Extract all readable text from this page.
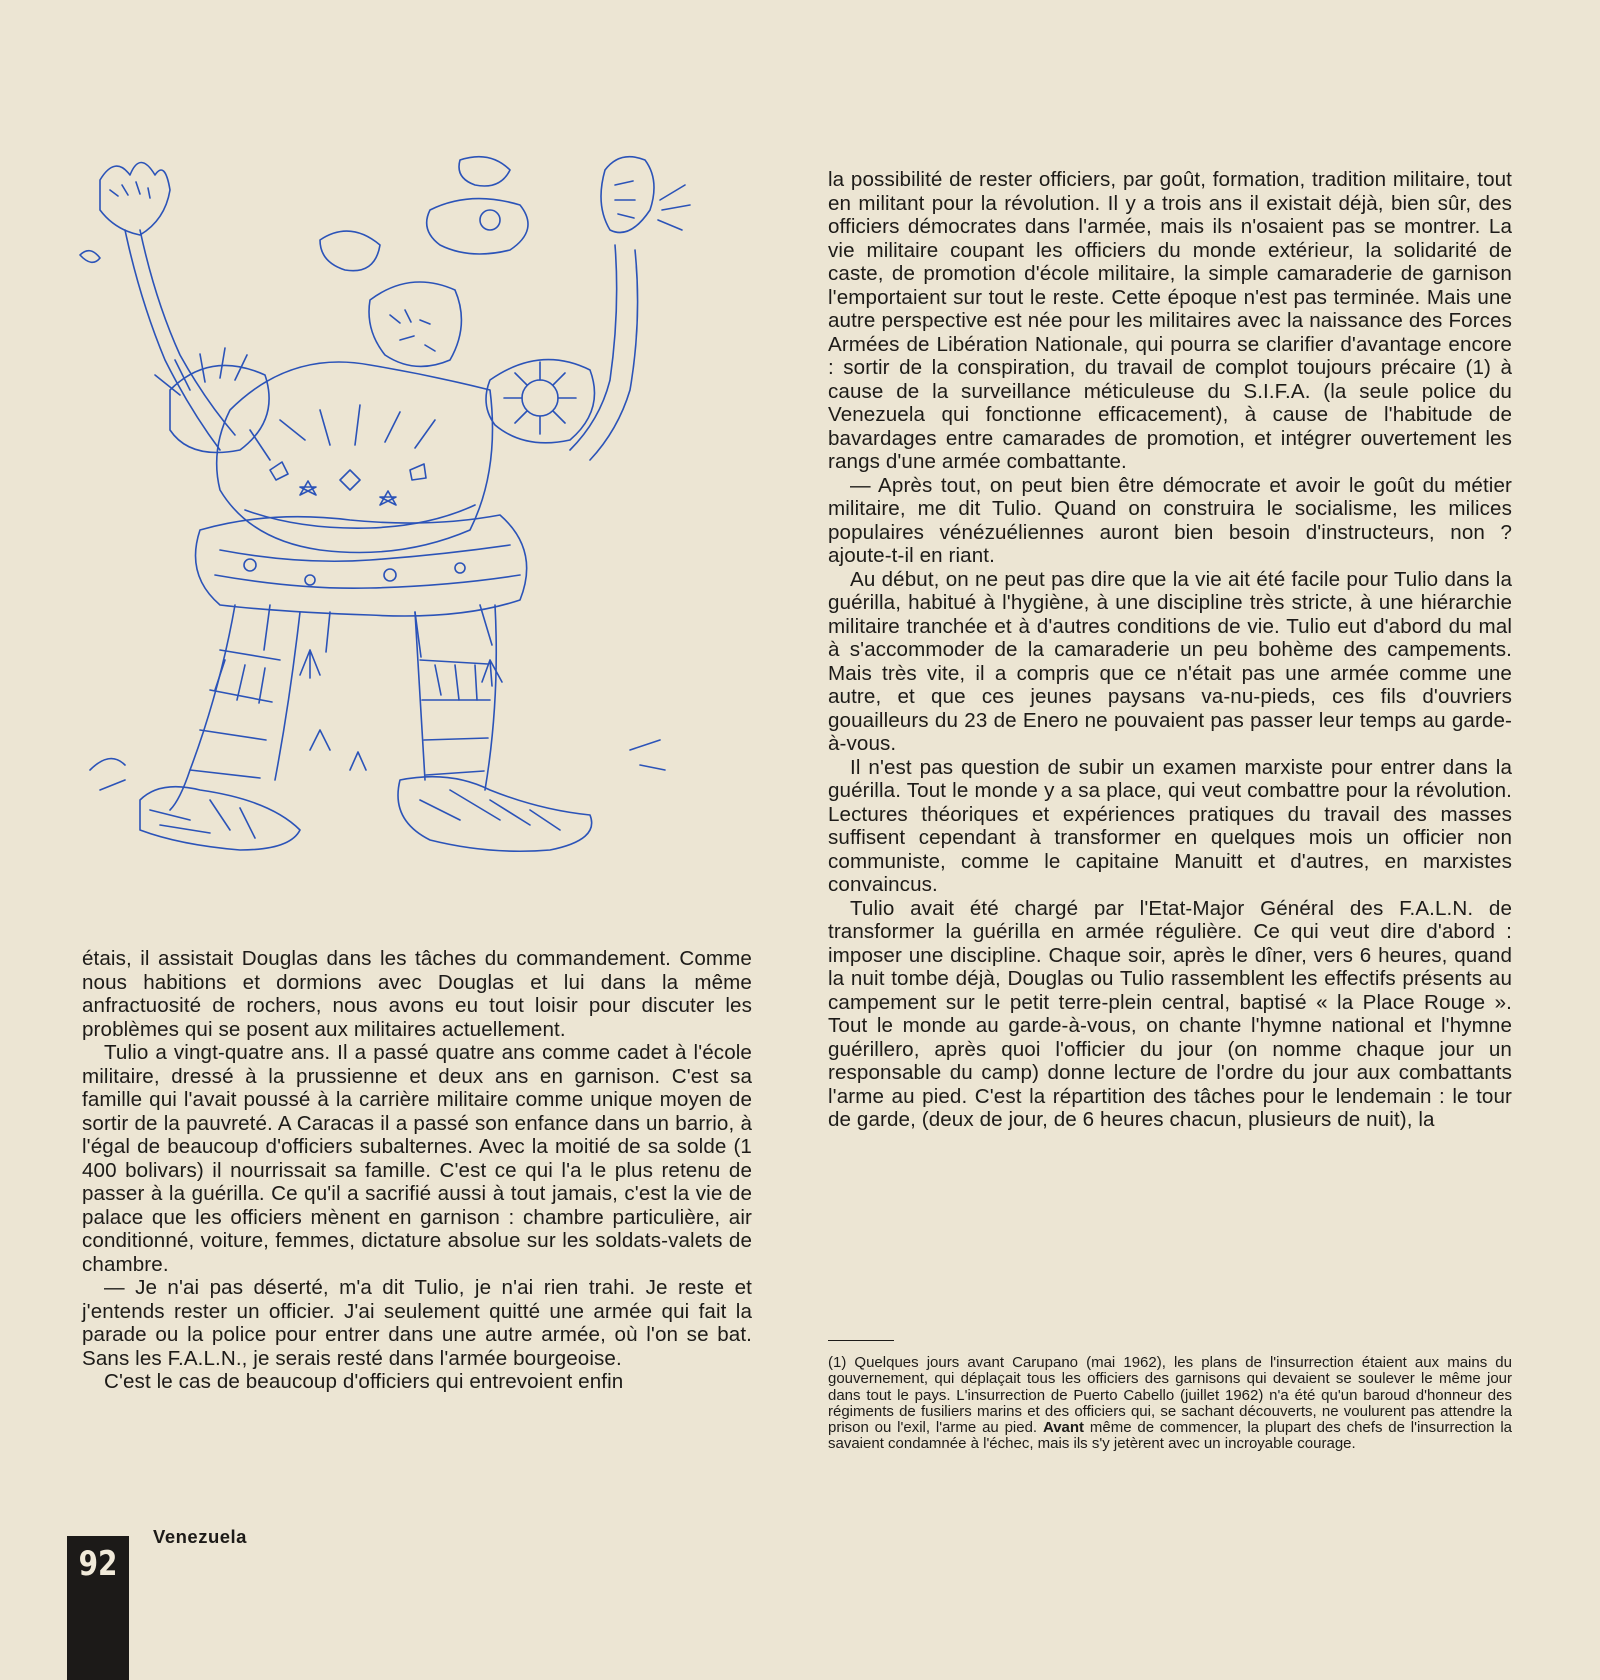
étais, il assistait Douglas dans les tâches du commandement. Comme nous habitions et dormions avec Douglas et lui dans la même anfractuosité de rochers, nous avons eu tout loisir pour discuter les problèmes qui se posent aux militaires actuellement.

Tulio a vingt-quatre ans. Il a passé quatre ans comme cadet à l'école militaire, dressé à la prussienne et deux ans en garnison. C'est sa famille qui l'avait poussé à la carrière militaire comme unique moyen de sortir de la pauvreté. A Caracas il a passé son enfance dans un barrio, à l'égal de beaucoup d'officiers subalternes. Avec la moitié de sa solde (1 400 bolivars) il nourrissait sa famille. C'est ce qui l'a le plus retenu de passer à la guérilla. Ce qu'il a sacrifié aussi à tout jamais, c'est la vie de palace que les officiers mènent en garnison : chambre particulière, air conditionné, voiture, femmes, dictature absolue sur les soldats-valets de chambre.

— Je n'ai pas déserté, m'a dit Tulio, je n'ai rien trahi. Je reste et j'entends rester un officier. J'ai seulement quitté une armée qui fait la parade ou la police pour entrer dans une autre armée, où l'on se bat. Sans les F.A.L.N., je serais resté dans l'armée bourgeoise.

C'est le cas de beaucoup d'officiers qui entrevoient enfin

la possibilité de rester officiers, par goût, formation, tradition militaire, tout en militant pour la révolution. Il y a trois ans il existait déjà, bien sûr, des officiers démocrates dans l'armée, mais ils n'osaient pas se montrer. La vie militaire coupant les officiers du monde extérieur, la solidarité de caste, de promotion d'école militaire, la simple camaraderie de garnison l'emportaient sur tout le reste. Cette époque n'est pas terminée. Mais une autre perspective est née pour les militaires avec la naissance des Forces Armées de Libération Nationale, qui pourra se clarifier d'avantage encore : sortir de la conspiration, du travail de complot toujours précaire (1) à cause de la surveillance méticuleuse du S.I.F.A. (la seule police du Venezuela qui fonctionne efficacement), à cause de l'habitude de bavardages entre camarades de promotion, et intégrer ouvertement les rangs d'une armée combattante.

— Après tout, on peut bien être démocrate et avoir le goût du métier militaire, me dit Tulio. Quand on construira le socialisme, les milices populaires vénézuéliennes auront bien besoin d'instructeurs, non ? ajoute-t-il en riant.

Au début, on ne peut pas dire que la vie ait été facile pour Tulio dans la guérilla, habitué à l'hygiène, à une discipline très stricte, à une hiérarchie militaire tranchée et à d'autres conditions de vie. Tulio eut d'abord du mal à s'accommoder de la camaraderie un peu bohème des campements. Mais très vite, il a compris que ce n'était pas une armée comme une autre, et que ces jeunes paysans va-nu-pieds, ces fils d'ouvriers gouailleurs du 23 de Enero ne pouvaient pas passer leur temps au garde-à-vous.

Il n'est pas question de subir un examen marxiste pour entrer dans la guérilla. Tout le monde y a sa place, qui veut combattre pour la révolution. Lectures théoriques et expériences pratiques du travail des masses suffisent cependant à transformer en quelques mois un officier non communiste, comme le capitaine Manuitt et d'autres, en marxistes convaincus.

Tulio avait été chargé par l'Etat-Major Général des F.A.L.N. de transformer la guérilla en armée régulière. Ce qui veut dire d'abord : imposer une discipline. Chaque soir, après le dîner, vers 6 heures, quand la nuit tombe déjà, Douglas ou Tulio rassemblent les effectifs présents au campement sur le petit terre-plein central, baptisé « la Place Rouge ». Tout le monde au garde-à-vous, on chante l'hymne national et l'hymne guérillero, après quoi l'officier du jour (on nomme chaque jour un responsable du camp) donne lecture de l'ordre du jour aux combattants l'arme au pied. C'est la répartition des tâches pour le lendemain : le tour de garde, (deux de jour, de 6 heures chacun, plusieurs de nuit), la

(1) Quelques jours avant Carupano (mai 1962), les plans de l'insurrection étaient aux mains du gouvernement, qui déplaçait tous les officiers des garnisons qui devaient se soulever le même jour dans tout le pays. L'insurrection de Puerto Cabello (juillet 1962) n'a été qu'un baroud d'honneur des régiments de fusiliers marins et des officiers qui, se sachant découverts, ne voulurent pas attendre la prison ou l'exil, l'arme au pied. Avant même de commencer, la plupart des chefs de l'insurrection la savaient condamnée à l'échec, mais ils s'y jetèrent avec un incroyable courage.
92
Venezuela
